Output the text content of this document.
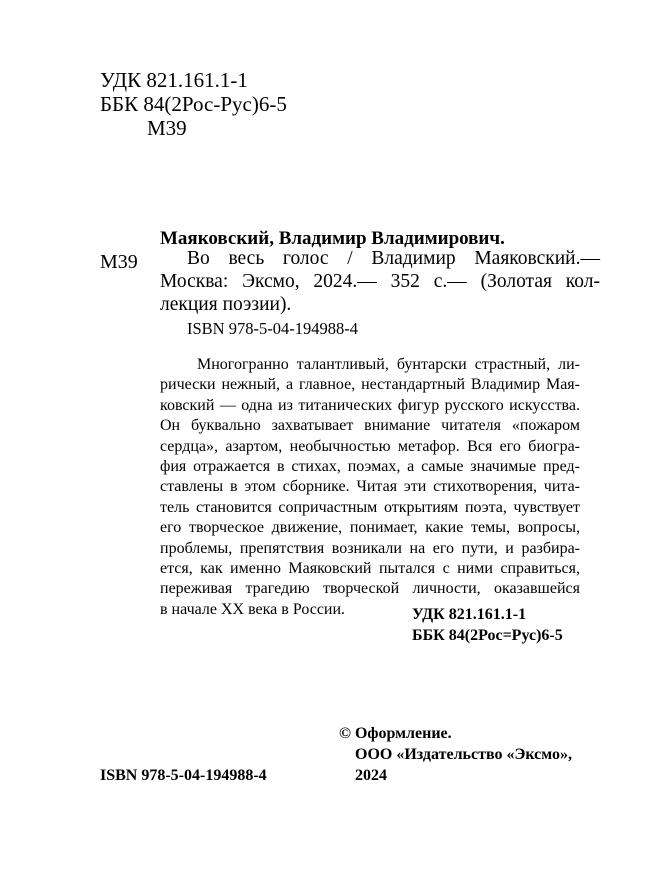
УДК 821.161.1-1
ББК 84(2Рос-Рус)6-5
М39
Маяковский, Владимир Владимирович.
М39	Во весь голос / Владимир Маяковский.—
Москва: Эксмо, 2024.— 352 с.— (Золотая кол-
лекция поэзии).
ISBN 978-5-04-194988-4
Многогранно талантливый, бунтарски страстный, ли-
рически нежный, а главное, нестандартный Владимир Мая-
ковский — одна из титанических фигур русского искусства.
Он буквально захватывает внимание читателя «пожаром
сердца», азартом, необычностью метафор. Вся его биогра-
фия отражается в стихах, поэмах, а самые значимые пред-
ставлены в этом сборнике. Читая эти стихотворения, чита-
тель становится сопричастным открытиям поэта, чувствует
его творческое движение, понимает, какие темы, вопросы,
проблемы, препятствия возникали на его пути, и разбира-
ется, как именно Маяковский пытался с ними справиться,
переживая трагедию творческой личности, оказавшейся
в начале XX века в России.	УДК 821.161.1-1
ББК 84(2Рос=Рус)6-5
© Оформление.
ООО «Издательство «Эксмо»,
2024
ISBN 978-5-04-194988-4
